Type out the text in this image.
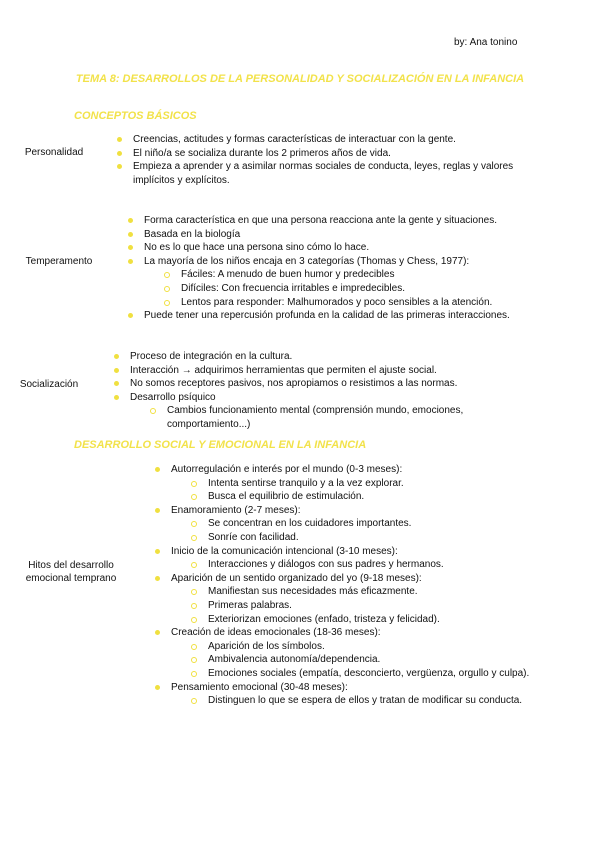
by: Ana tonino
TEMA 8: DESARROLLOS DE LA PERSONALIDAD Y SOCIALIZACIÓN EN LA INFANCIA
CONCEPTOS BÁSICOS
Personalidad
Creencias, actitudes y formas características de interactuar con la gente.
El niño/a se socializa durante los 2 primeros años de vida.
Empieza a aprender y a asimilar normas sociales de conducta, leyes, reglas y valores implícitos y explícitos.
Temperamento
Forma característica en que una persona reacciona ante la gente y situaciones.
Basada en la biología
No es lo que hace una persona sino cómo lo hace.
La mayoría de los niños encaja en 3 categorías (Thomas y Chess, 1977):
Fáciles: A menudo de buen humor y predecibles
Difíciles: Con frecuencia irritables e impredecibles.
Lentos para responder: Malhumorados y poco sensibles a la atención.
Puede tener una repercusión profunda en la calidad de las primeras interacciones.
Socialización
Proceso de integración en la cultura.
Interacción → adquirimos herramientas que permiten el ajuste social.
No somos receptores pasivos, nos apropiamos o resistimos a las normas.
Desarrollo psíquico
Cambios funcionamiento mental (comprensión mundo, emociones, comportamiento...)
DESARROLLO SOCIAL Y EMOCIONAL EN LA INFANCIA
Hitos del desarrollo emocional temprano
Autorregulación e interés por el mundo (0-3 meses):
Intenta sentirse tranquilo y a la vez explorar.
Busca el equilibrio de estimulación.
Enamoramiento (2-7 meses):
Se concentran en los cuidadores importantes.
Sonríe con facilidad.
Inicio de la comunicación intencional (3-10 meses):
Interacciones y diálogos con sus padres y hermanos.
Aparición de un sentido organizado del yo (9-18 meses):
Manifiestan sus necesidades más eficazmente.
Primeras palabras.
Exteriorizan emociones (enfado, tristeza y felicidad).
Creación de ideas emocionales (18-36 meses):
Aparición de los símbolos.
Ambivalencia autonomía/dependencia.
Emociones sociales (empatía, desconcierto, vergüenza, orgullo y culpa).
Pensamiento emocional (30-48 meses):
Distinguen lo que se espera de ellos y tratan de modificar su conducta.
